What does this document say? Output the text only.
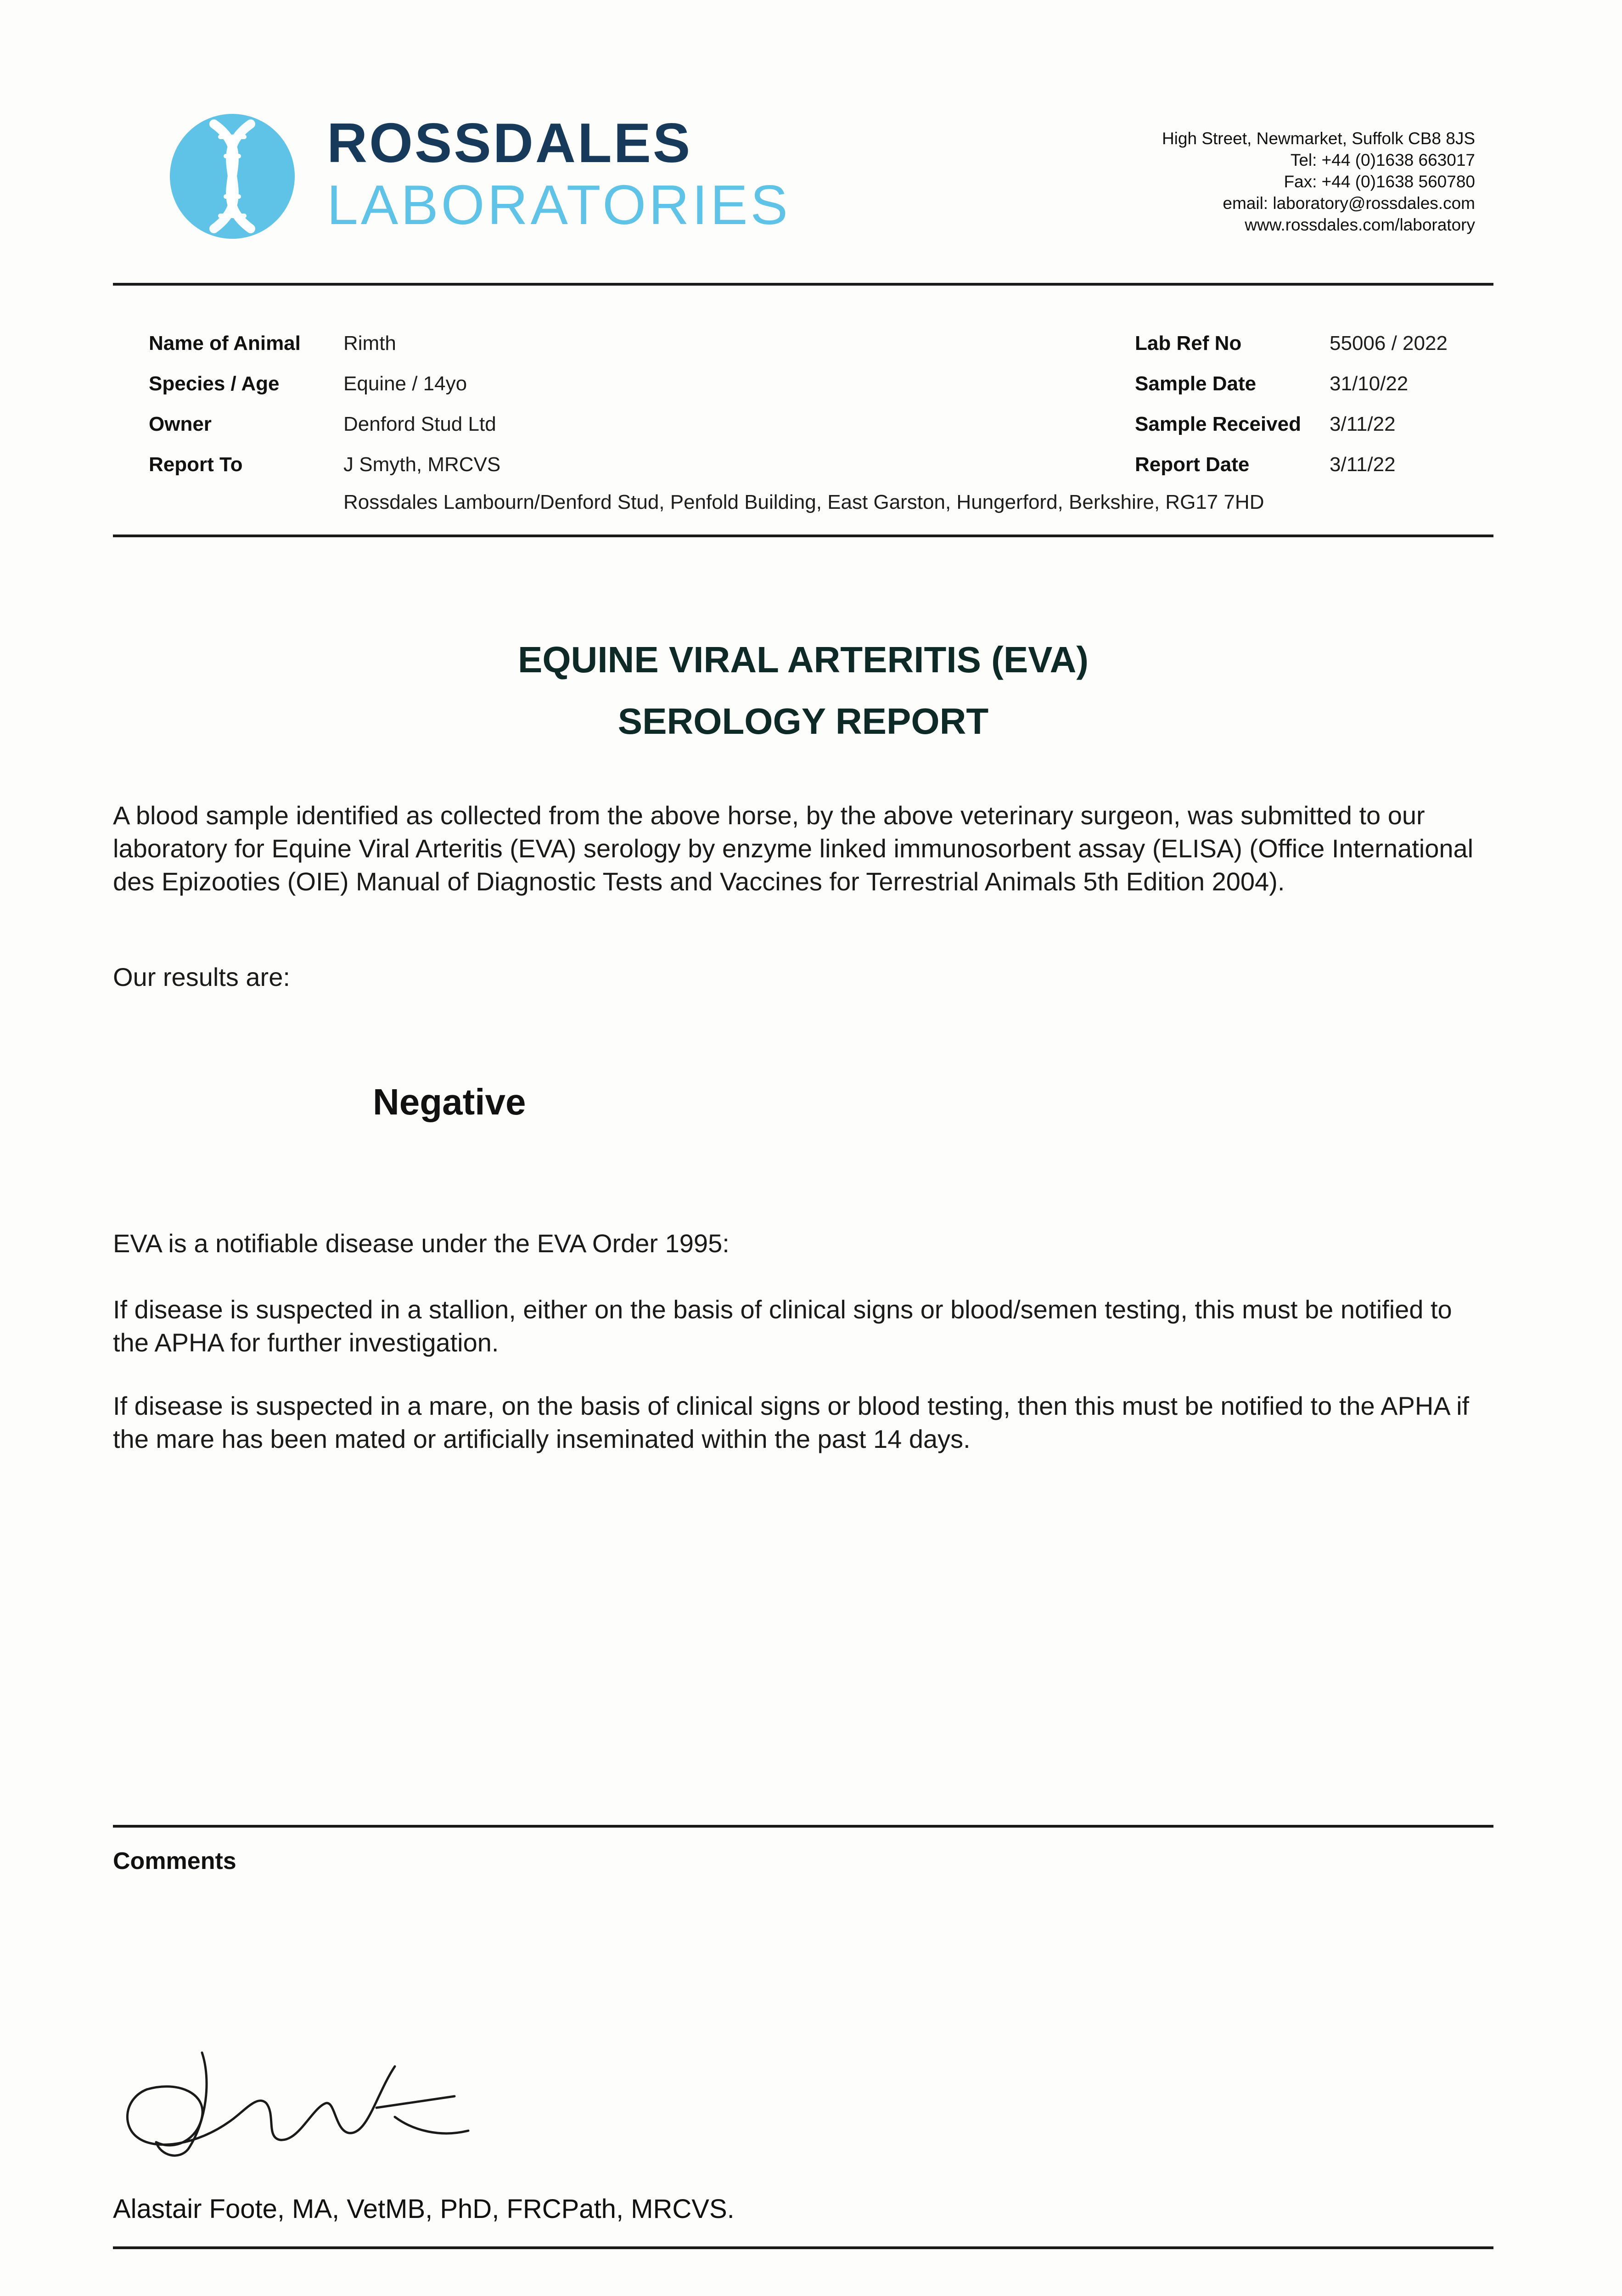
ROSSDALES
LABORATORIES
High Street, Newmarket, Suffolk CB8 8JS
Tel: +44 (0)1638 663017
Fax: +44 (0)1638 560780
email: laboratory@rossdales.com
www.rossdales.com/laboratory
Name of Animal Rimth
Species / Age	Equine / 14yo
Owner	Denford Stud Ltd
Report To	J Smyth, MRCVS
Rossdales Lambourn/Denford Stud, Penfold Building, East Garston, Hungerford, Berkshire, RG17 7HD
Lab Ref No	55006 / 2022
Sample Date	31/10/22
Sample Received 3/11/22
Report Date	3/11/22
EQUINE VIRAL ARTERITIS (EVA)
SEROLOGY REPORT
A blood sample identified as collected from the above horse, by the above veterinary surgeon, was submitted to our laboratory for Equine Viral Arteritis (EVA) serology by enzyme linked immunosorbent assay (ELISA) (Office International des Epizooties (OIE) Manual of Diagnostic Tests and Vaccines for Terrestrial Animals 5th Edition 2004).
Our results are:
Negative
EVA is a notifiable disease under the EVA Order 1995:
If disease is suspected in a stallion, either on the basis of clinical signs or blood/semen testing, this must be notified to the APHA for further investigation.
If disease is suspected in a mare, on the basis of clinical signs or blood testing, then this must be notified to the APHA if the mare has been mated or artificially inseminated within the past 14 days.
Comments
Alastair Foote, MA, VetMB, PhD, FRCPath, MRCVS.
